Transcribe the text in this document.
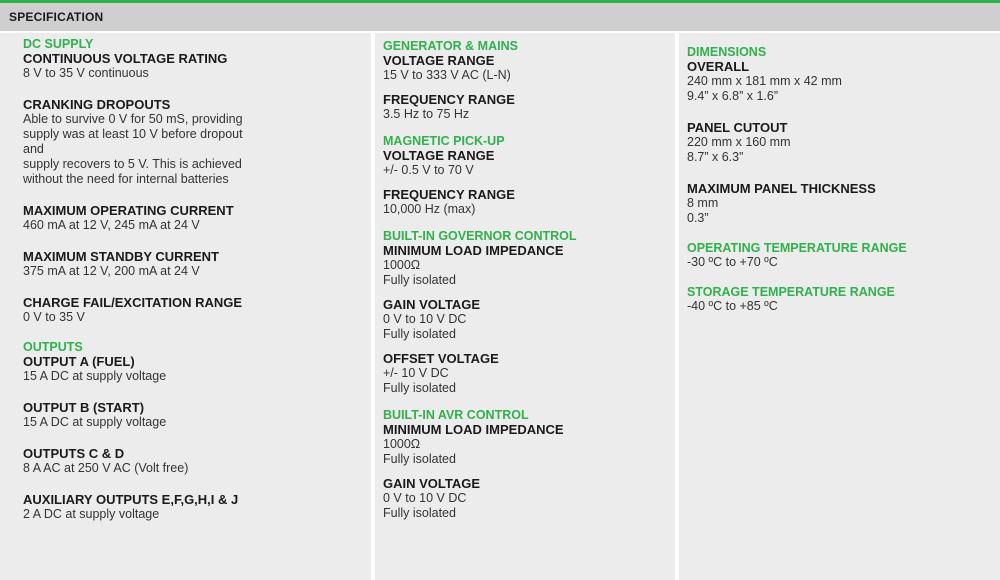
SPECIFICATION
DC SUPPLY
CONTINUOUS VOLTAGE RATING
8 V to 35 V continuous
CRANKING DROPOUTS
Able to survive 0 V for 50 mS, providing
supply was at least 10 V before dropout
and
supply recovers to 5 V. This is achieved
without the need for internal batteries
MAXIMUM OPERATING CURRENT
460 mA at 12 V, 245 mA at 24 V
MAXIMUM STANDBY CURRENT
375 mA at 12 V, 200 mA at 24 V
CHARGE FAIL/EXCITATION RANGE
0 V to 35 V
OUTPUTS
OUTPUT A (FUEL)
15 A DC at supply voltage
OUTPUT B (START)
15 A DC at supply voltage
OUTPUTS C & D
8 A AC at 250 V AC (Volt free)
AUXILIARY OUTPUTS E,F,G,H,I & J
2 A DC at supply voltage
GENERATOR & MAINS
VOLTAGE RANGE
15 V to 333 V AC (L-N)
FREQUENCY RANGE
3.5 Hz to 75 Hz
MAGNETIC PICK-UP
VOLTAGE RANGE
+/- 0.5 V to 70 V
FREQUENCY RANGE
10,000 Hz (max)
BUILT-IN GOVERNOR CONTROL
MINIMUM LOAD IMPEDANCE
1000Ω
Fully isolated
GAIN VOLTAGE
0 V to 10 V DC
Fully isolated
OFFSET VOLTAGE
+/- 10 V DC
Fully isolated
BUILT-IN AVR CONTROL
MINIMUM LOAD IMPEDANCE
1000Ω
Fully isolated
GAIN VOLTAGE
0 V to 10 V DC
Fully isolated
DIMENSIONS
OVERALL
240 mm x 181 mm x 42 mm
9.4” x 6.8” x 1.6”
PANEL CUTOUT
220 mm x 160 mm
8.7” x 6.3”
MAXIMUM PANEL THICKNESS
8 mm
0.3”
OPERATING TEMPERATURE RANGE
-30 ºC to +70 ºC
STORAGE TEMPERATURE RANGE
-40 ºC to +85 ºC
